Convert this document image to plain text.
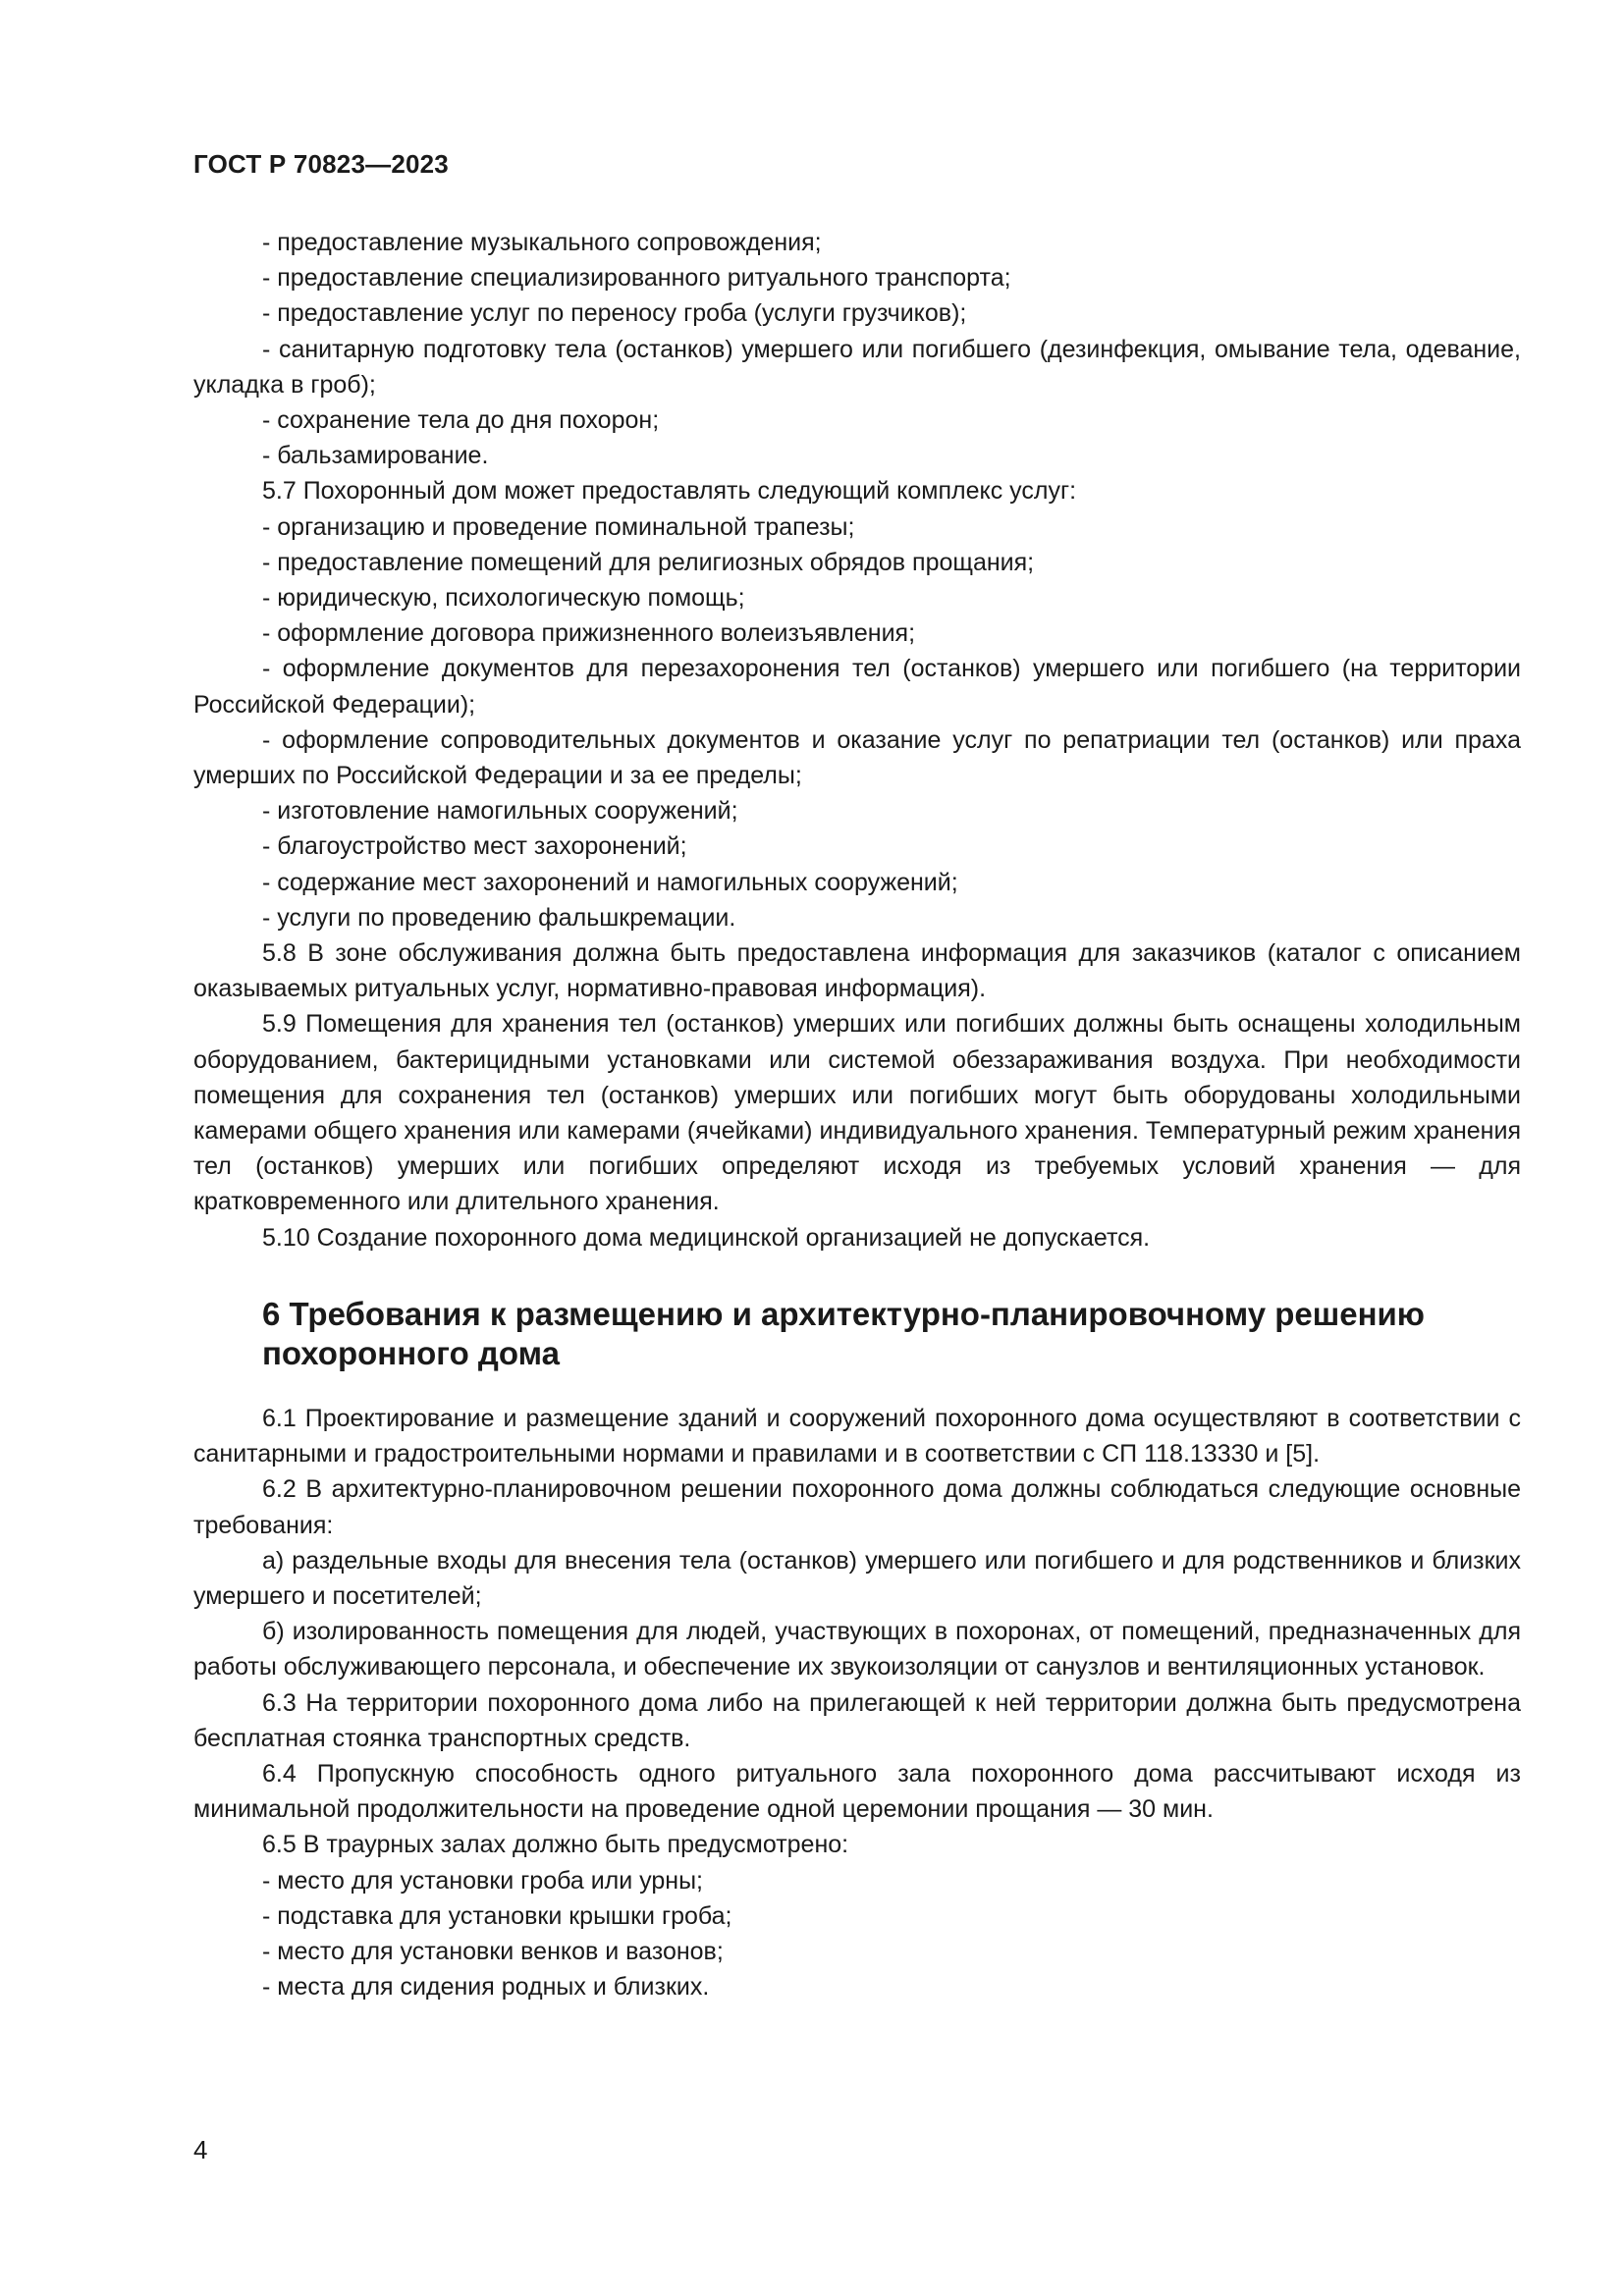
ГОСТ Р 70823—2023

- предоставление музыкального сопровождения;

- предоставление специализированного ритуального транспорта;

- предоставление услуг по переносу гроба (услуги грузчиков);

- санитарную подготовку тела (останков) умершего или погибшего (дезинфекция, омывание тела, одевание, укладка в гроб);

- сохранение тела до дня похорон;

- бальзамирование.

5.7 Похоронный дом может предоставлять следующий комплекс услуг:

- организацию и проведение поминальной трапезы;

- предоставление помещений для религиозных обрядов прощания;

- юридическую, психологическую помощь;

- оформление договора прижизненного волеизъявления;

- оформление документов для перезахоронения тел (останков) умершего или погибшего (на территории Российской Федерации);

- оформление сопроводительных документов и оказание услуг по репатриации тел (останков) или праха умерших по Российской Федерации и за ее пределы;

- изготовление намогильных сооружений;

- благоустройство мест захоронений;

- содержание мест захоронений и намогильных сооружений;

- услуги по проведению фальшкремации.

5.8 В зоне обслуживания должна быть предоставлена информация для заказчиков (каталог с описанием оказываемых ритуальных услуг, нормативно-правовая информация).

5.9 Помещения для хранения тел (останков) умерших или погибших должны быть оснащены холодильным оборудованием, бактерицидными установками или системой обеззараживания воздуха. При необходимости помещения для сохранения тел (останков) умерших или погибших могут быть оборудованы холодильными камерами общего хранения или камерами (ячейками) индивидуального хранения. Температурный режим хранения тел (останков) умерших или погибших определяют исходя из требуемых условий хранения — для кратковременного или длительного хранения.

5.10 Создание похоронного дома медицинской организацией не допускается.

6 Требования к размещению и архитектурно-планировочному решению
похоронного дома

6.1 Проектирование и размещение зданий и сооружений похоронного дома осуществляют в соответствии с санитарными и градостроительными нормами и правилами и в соответствии с СП 118.13330 и [5].

6.2 В архитектурно-планировочном решении похоронного дома должны соблюдаться следующие основные требования:

а) раздельные входы для внесения тела (останков) умершего или погибшего и для родственников и близких умершего и посетителей;

б) изолированность помещения для людей, участвующих в похоронах, от помещений, предназначенных для работы обслуживающего персонала, и обеспечение их звукоизоляции от санузлов и вентиляционных установок.

6.3 На территории похоронного дома либо на прилегающей к ней территории должна быть предусмотрена бесплатная стоянка транспортных средств.

6.4 Пропускную способность одного ритуального зала похоронного дома рассчитывают исходя из минимальной продолжительности на проведение одной церемонии прощания — 30 мин.

6.5 В траурных залах должно быть предусмотрено:

- место для установки гроба или урны;

- подставка для установки крышки гроба;

- место для установки венков и вазонов;

- места для сидения родных и близких.

4
